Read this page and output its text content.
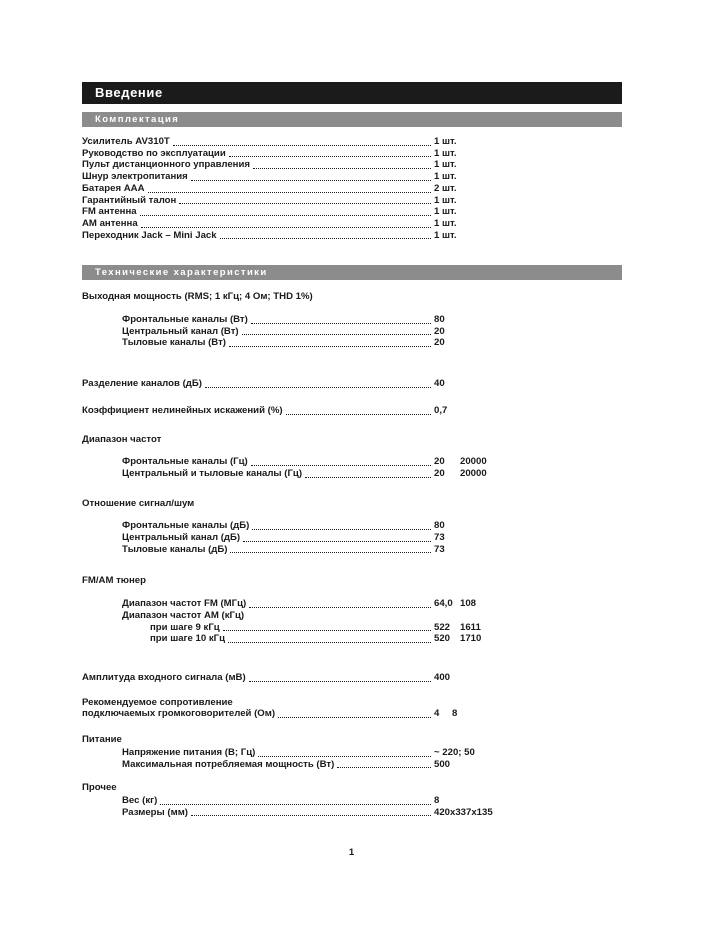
Введение
Комплектация
Усилитель AV310T	1 шт.
Руководство по эксплуатации	1 шт.
Пульт дистанционного управления	1 шт.
Шнур электропитания	1 шт.
Батарея ААА	2 шт.
Гарантийный талон	1 шт.
FM антенна	1 шт.
АМ антенна	1 шт.
Переходник Jack – Mini Jack	1 шт.
Технические характеристики
Выходная мощность (RMS; 1 кГц; 4 Ом; THD 1%)
Фронтальные каналы (Вт)	80
Центральный канал (Вт)	20
Тыловые каналы (Вт)	20
Разделение каналов (дБ)	40
Коэффициент нелинейных искажений (%)	0,7
Диапазон частот
Фронтальные каналы (Гц)	20 20000
Центральный и тыловые каналы (Гц)	20 20000
Отношение сигнал/шум
Фронтальные каналы (дБ)	80
Центральный канал (дБ)	73
Тыловые каналы (дБ)	73
FM/АМ тюнер
Диапазон частот FM (МГц)	64,0 108
Диапазон частот АМ (кГц)
при шаге 9 кГц	522 1611
при шаге 10 кГц	520 1710
Амплитуда входного сигнала (мВ)	400
Рекомендуемое сопротивление
подключаемых громкоговорителей (Ом)	4 8
Питание
Напряжение питания (В; Гц)	~ 220; 50
Максимальная потребляемая мощность (Вт)	500
Прочее
Вес (кг)	8
Размеры (мм)	420x337x135
1
